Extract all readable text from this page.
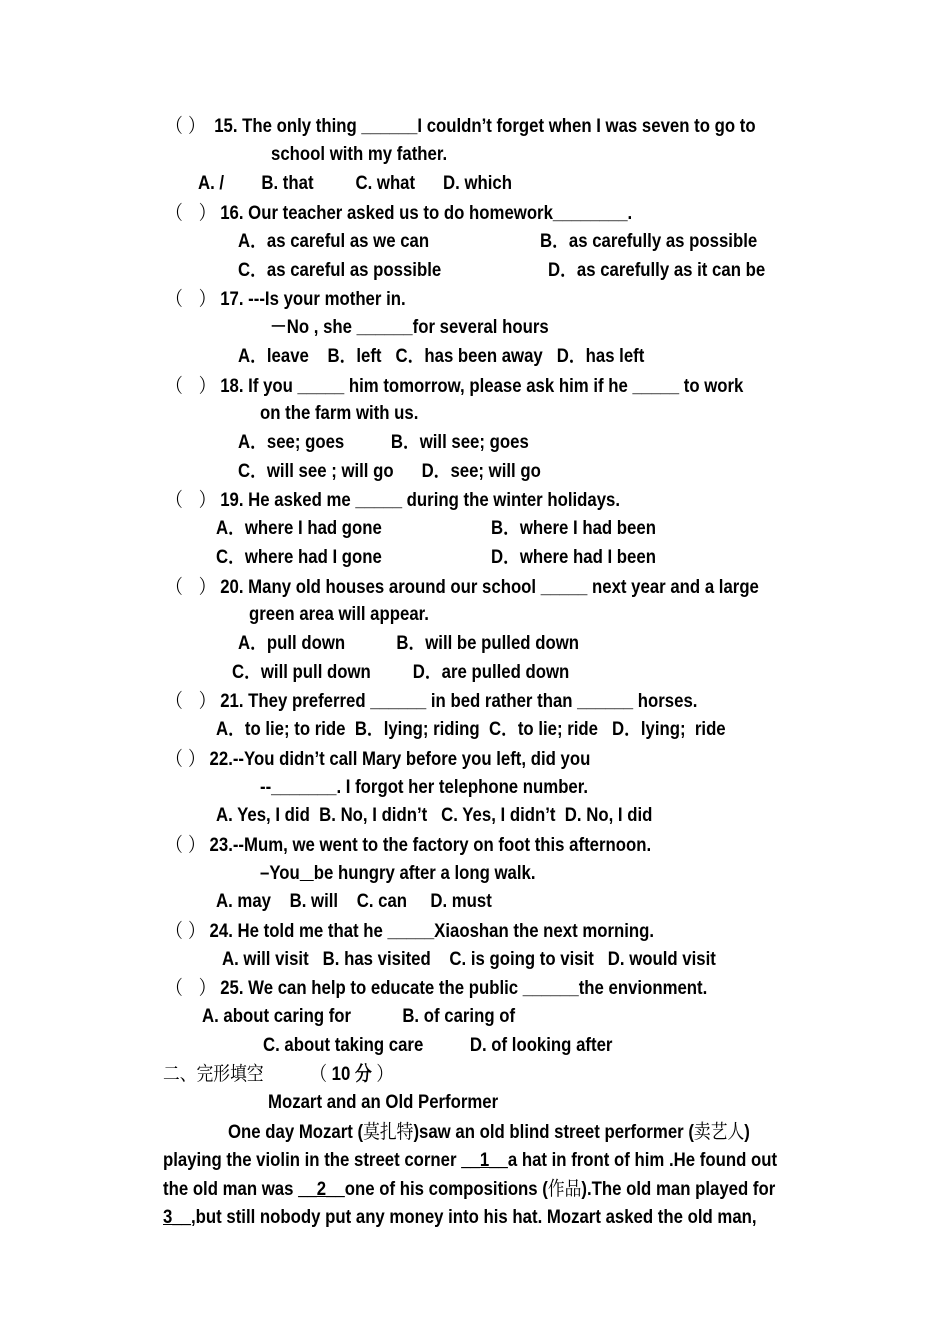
（ ） 15. The only thing ______I couldn’t forget when I was seven to go to
school with my father.
A. /        B. that         C. what      D. which
（   ） 16. Our teacher asked us to do homework________.
A．as careful as we can	B．as carefully as possible
C．as careful as possible	D．as carefully as it can be
（   ） 17. ---Is your mother in.
－No , she ______for several hours
A．leave    B．left   C．has been away   D．has left
（   ） 18. If you _____ him tomorrow, please ask him if he _____ to work
on the farm with us.
A．see; goes          B．will see; goes
C．will see ; will go      D．see; will go
（   ） 19. He asked me _____ during the winter holidays.
A．where I had gone	B．where I had been
C．where had I gone	D．where had I been
（   ） 20. Many old houses around our school _____ next year and a large
green area will appear.
A．pull down           B．will be pulled down
C．will pull down         D．are pulled down
（   ） 21. They preferred ______ in bed rather than ______ horses.
A．to lie; to ride  B．lying; riding  C．to lie; ride   D．lying;  ride
（ ） 22.--You didn’t call Mary before you left, did you
--_______. I forgot her telephone number.
A. Yes, I did  B. No, I didn’t   C. Yes, I didn’t  D. No, I did
（ ） 23.--Mum, we went to the factory on foot this afternoon.
–You be hungry after a long walk.
A. may    B. will    C. can     D. must
（ ） 24. He told me that he _____Xiaoshan the next morning.
A. will visit   B. has visited    C. is going to visit   D. would visit
（   ） 25. We can help to educate the public ______the envionment.
A. about caring for           B. of caring of
C. about taking care          D. of looking after
二、完形填空 （ 10 分 ）
Mozart and an Old Performer
One day Mozart (莫扎特)saw an old blind street performer (卖艺人)
playing the violin in the street corner __1__a hat in front of him .He found out
the old man was __2__one of his compositions (作品).The old man played for
3__,but still nobody put any money into his hat. Mozart asked the old man,
